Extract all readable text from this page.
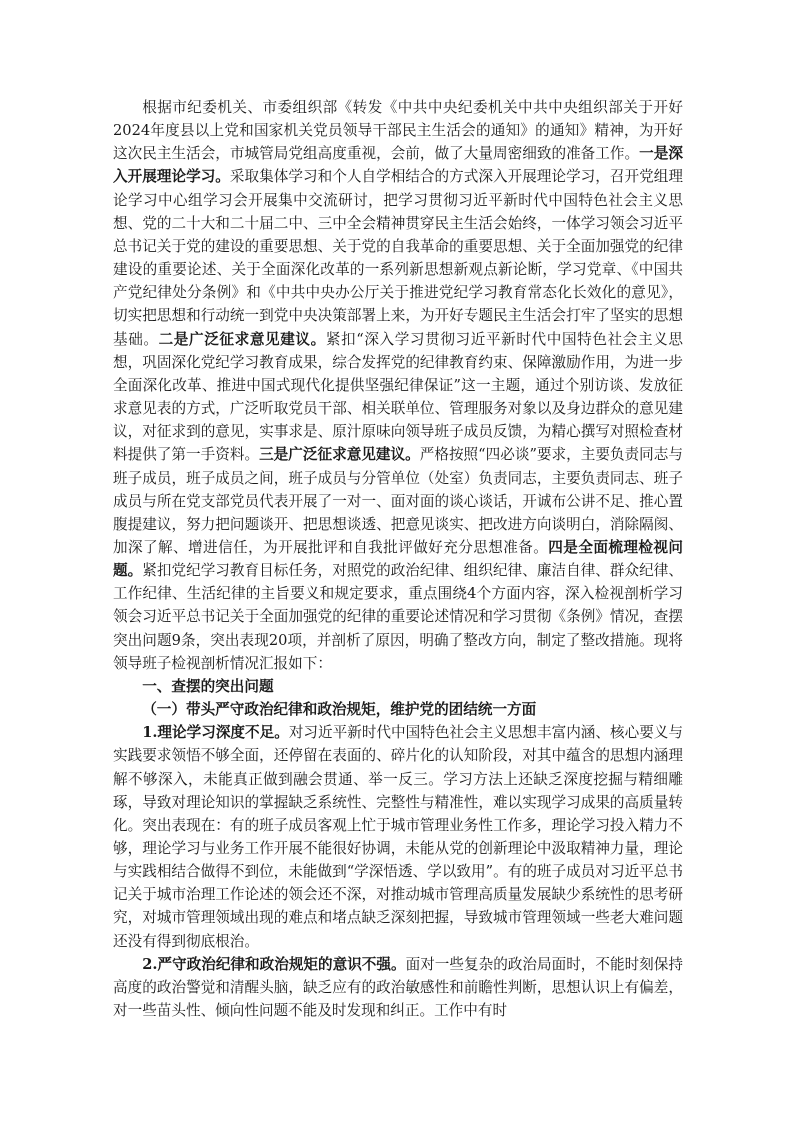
根据市纪委机关、市委组织部《转发《中共中央纪委机关中共中央组织部关于开好2024年度县以上党和国家机关党员领导干部民主生活会的通知》的通知》精神，为开好这次民主生活会，市城管局党组高度重视，会前，做了大量周密细致的准备工作。一是深入开展理论学习。采取集体学习和个人自学相结合的方式深入开展理论学习，召开党组理论学习中心组学习会开展集中交流研讨，把学习贯彻习近平新时代中国特色社会主义思想、党的二十大和二十届二中、三中全会精神贯穿民主生活会始终，一体学习领会习近平总书记关于党的建设的重要思想、关于党的自我革命的重要思想、关于全面加强党的纪律建设的重要论述、关于全面深化改革的一系列新思想新观点新论断，学习党章、《中国共产党纪律处分条例》和《中共中央办公厅关于推进党纪学习教育常态化长效化的意见》，切实把思想和行动统一到党中央决策部署上来，为开好专题民主生活会打牢了坚实的思想基础。二是广泛征求意见建议。紧扣“深入学习贯彻习近平新时代中国特色社会主义思想，巩固深化党纪学习教育成果，综合发挥党的纪律教育约束、保障激励作用，为进一步全面深化改革、推进中国式现代化提供坚强纪律保证”这一主题，通过个别访谈、发放征求意见表的方式，广泛听取党员干部、相关联单位、管理服务对象以及身边群众的意见建议，对征求到的意见，实事求是、原汁原味向领导班子成员反馈，为精心撰写对照检查材料提供了第一手资料。三是广泛征求意见建议。严格按照“四必谈”要求，主要负责同志与班子成员，班子成员之间，班子成员与分管单位（处室）负责同志，主要负责同志、班子成员与所在党支部党员代表开展了一对一、面对面的谈心谈话，开诚布公讲不足、推心置腹提建议，努力把问题谈开、把思想谈透、把意见谈实、把改进方向谈明白，消除隔阂、加深了解、增进信任，为开展批评和自我批评做好充分思想准备。四是全面梳理检视问题。紧扣党纪学习教育目标任务，对照党的政治纪律、组织纪律、廉洁自律、群众纪律、工作纪律、生活纪律的主旨要义和规定要求，重点围绕4个方面内容，深入检视剖析学习领会习近平总书记关于全面加强党的纪律的重要论述情况和学习贯彻《条例》情况，查摆突出问题9条，突出表现20项，并剖析了原因，明确了整改方向，制定了整改措施。现将领导班子检视剖析情况汇报如下：

一、查摆的突出问题

（一）带头严守政治纪律和政治规矩，维护党的团结统一方面

1.理论学习深度不足。对习近平新时代中国特色社会主义思想丰富内涵、核心要义与实践要求领悟不够全面，还停留在表面的、碎片化的认知阶段，对其中蕴含的思想内涵理解不够深入，未能真正做到融会贯通、举一反三。学习方法上还缺乏深度挖掘与精细雕琢，导致对理论知识的掌握缺乏系统性、完整性与精准性，难以实现学习成果的高质量转化。突出表现在：有的班子成员客观上忙于城市管理业务性工作多，理论学习投入精力不够，理论学习与业务工作开展不能很好协调，未能从党的创新理论中汲取精神力量，理论与实践相结合做得不到位，未能做到“学深悟透、学以致用”。有的班子成员对习近平总书记关于城市治理工作论述的领会还不深，对推动城市管理高质量发展缺少系统性的思考研究，对城市管理领域出现的难点和堵点缺乏深刻把握，导致城市管理领域一些老大难问题还没有得到彻底根治。

2.严守政治纪律和政治规矩的意识不强。面对一些复杂的政治局面时，不能时刻保持高度的政治警觉和清醒头脑，缺乏应有的政治敏感性和前瞻性判断，思想认识上有偏差，对一些苗头性、倾向性问题不能及时发现和纠正。工作中有时
